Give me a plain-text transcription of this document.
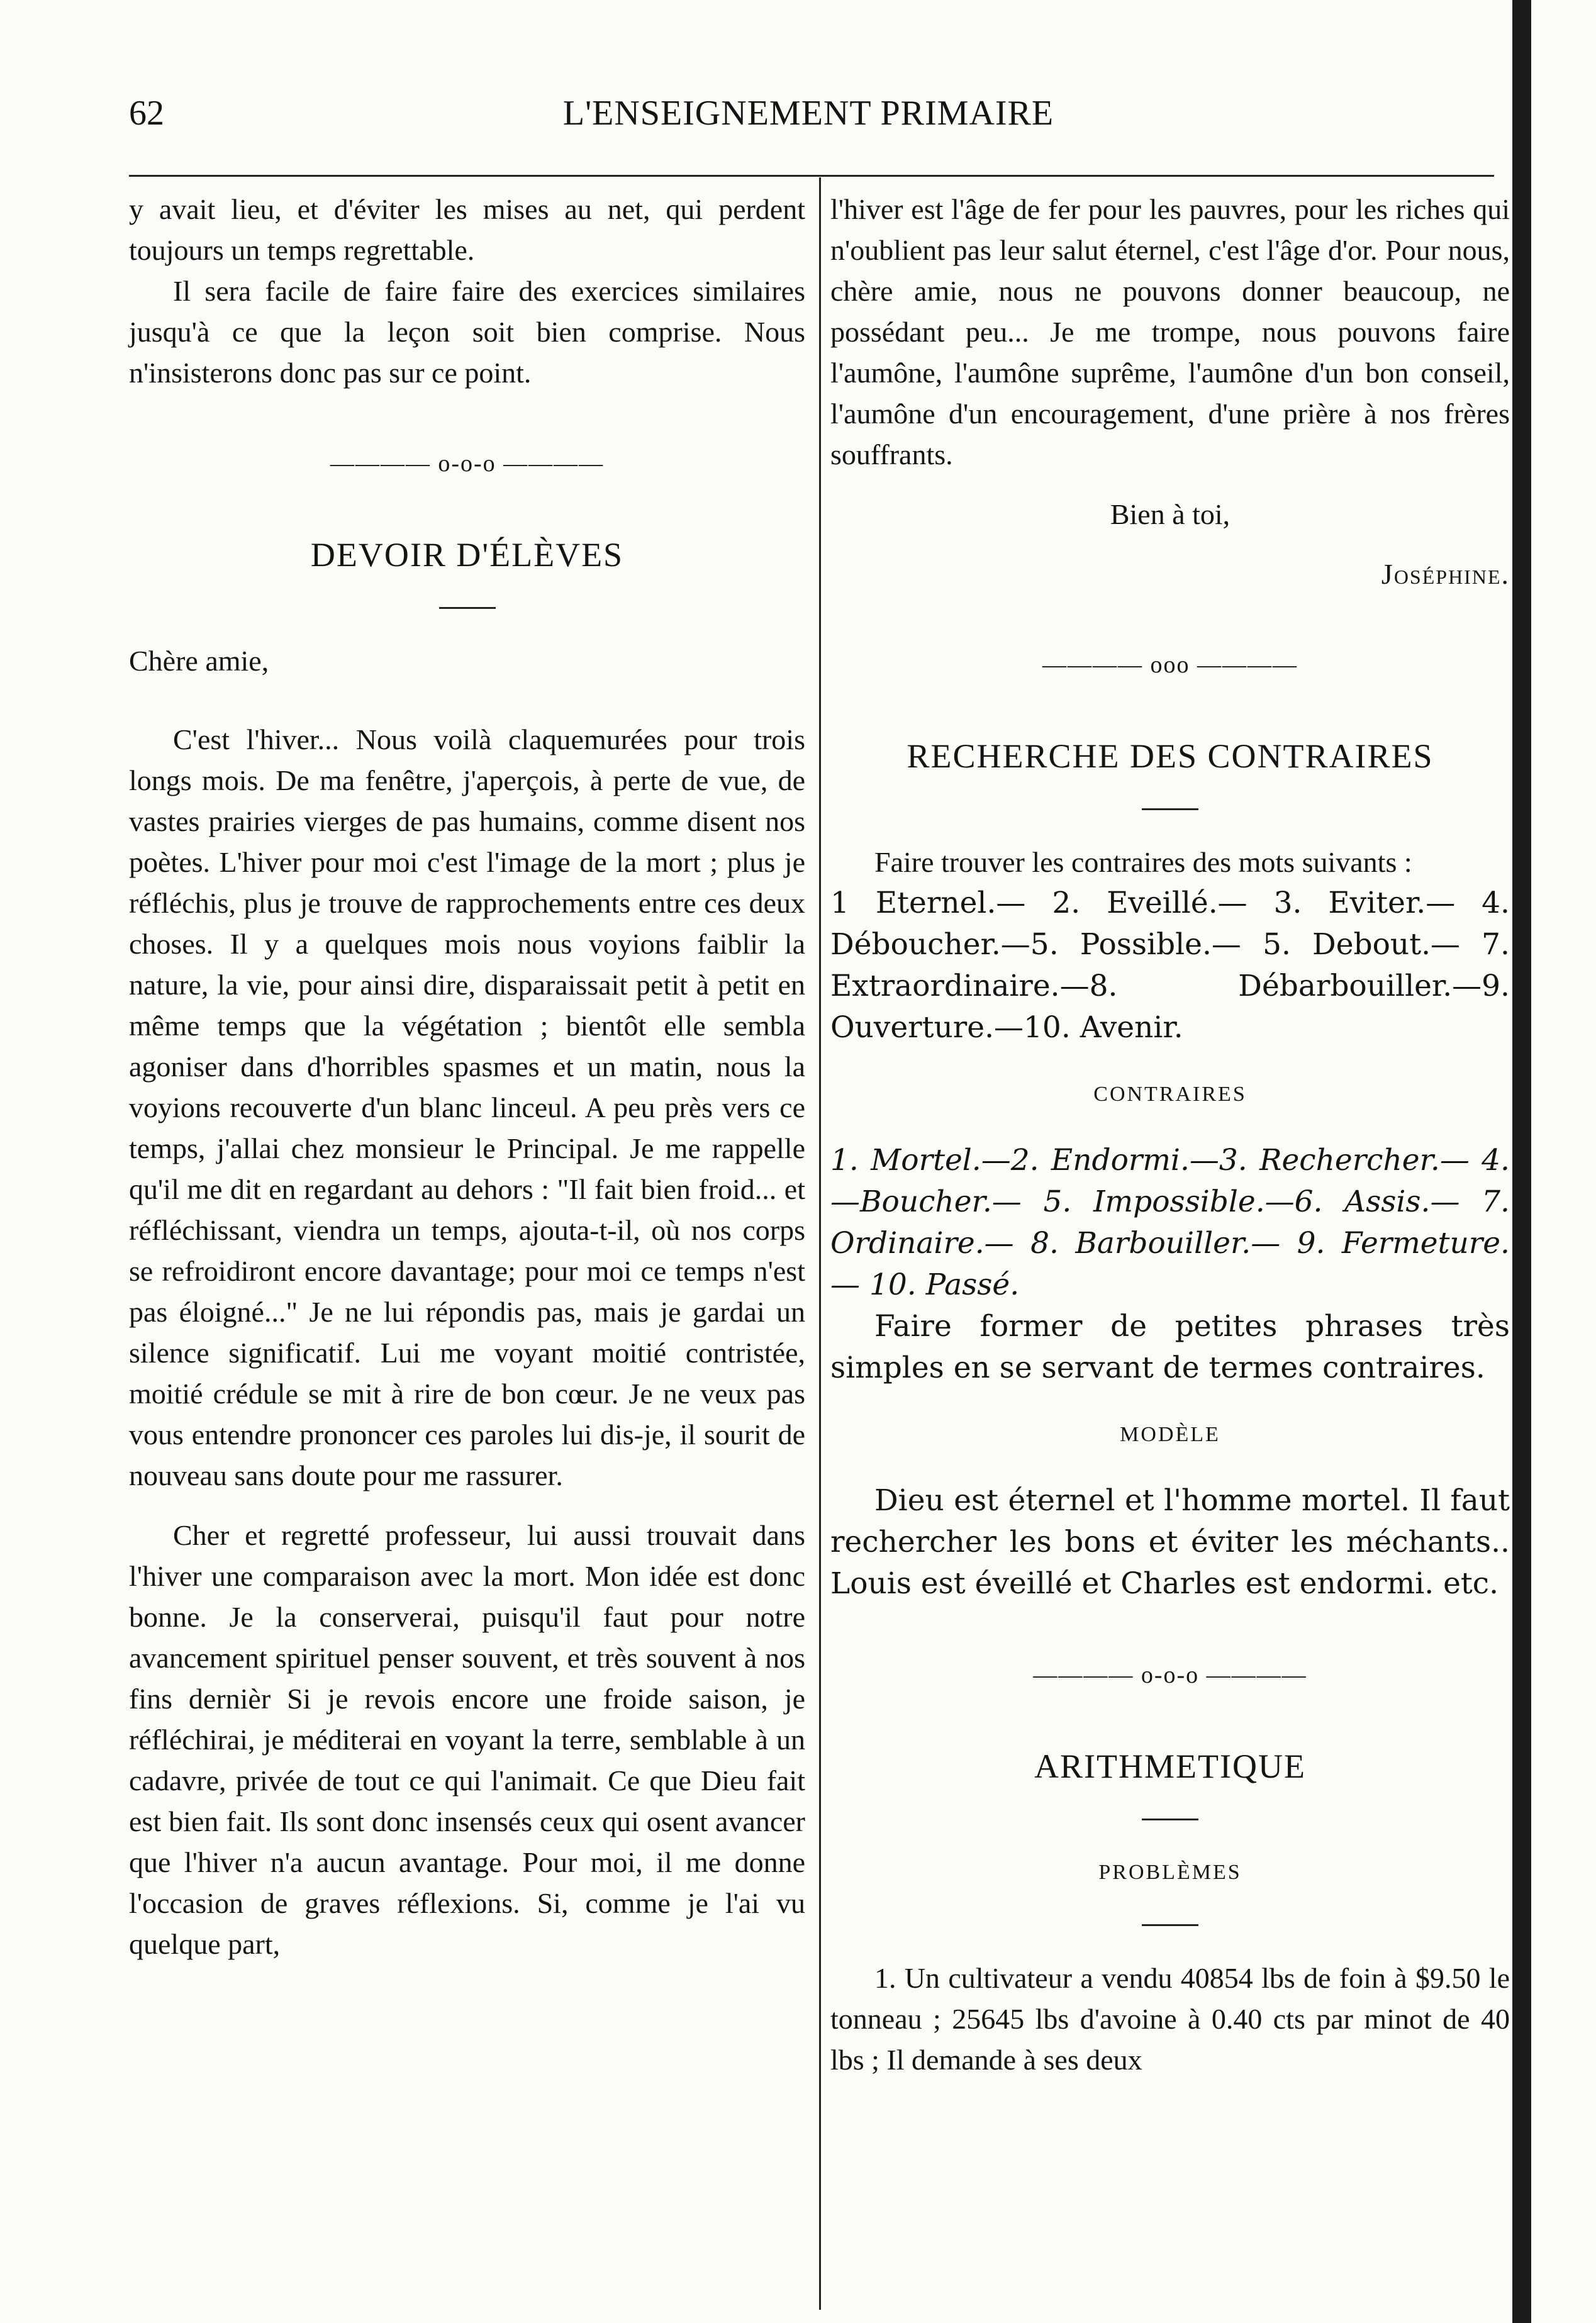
62	L'ENSEIGNEMENT PRIMAIRE

y avait lieu, et d'éviter les mises au net, qui perdent toujours un temps regrettable.

Il sera facile de faire faire des exercices similaires jusqu'à ce que la leçon soit bien comprise. Nous n'insisterons donc pas sur ce point.

———— o-o-o ————
DEVOIR D'ÉLÈVES

Chère amie,

C'est l'hiver... Nous voilà claquemurées pour trois longs mois. De ma fenêtre, j'aperçois, à perte de vue, de vastes prairies vierges de pas humains, comme disent nos poètes. L'hiver pour moi c'est l'image de la mort ; plus je réfléchis, plus je trouve de rapprochements entre ces deux choses. Il y a quelques mois nous voyions faiblir la nature, la vie, pour ainsi dire, disparaissait petit à petit en même temps que la végétation ; bientôt elle sembla agoniser dans d'horribles spasmes et un matin, nous la voyions recouverte d'un blanc linceul. A peu près vers ce temps, j'allai chez monsieur le Principal. Je me rappelle qu'il me dit en regardant au dehors : "Il fait bien froid... et réfléchissant, viendra un temps, ajouta-t-il, où nos corps se refroidiront encore davantage; pour moi ce temps n'est pas éloigné..." Je ne lui répondis pas, mais je gardai un silence significatif. Lui me voyant moitié contristée, moitié crédule se mit à rire de bon cœur. Je ne veux pas vous entendre prononcer ces paroles lui dis-je, il sourit de nouveau sans doute pour me rassurer.

Cher et regretté professeur, lui aussi trouvait dans l'hiver une comparaison avec la mort. Mon idée est donc bonne. Je la conserverai, puisqu'il faut pour notre avancement spirituel penser souvent, et très souvent à nos fins dernièr Si je revois encore une froide saison, je réfléchirai, je méditerai en voyant la terre, semblable à un cadavre, privée de tout ce qui l'animait. Ce que Dieu fait est bien fait. Ils sont donc insensés ceux qui osent avancer que l'hiver n'a aucun avantage. Pour moi, il me donne l'occasion de graves réflexions. Si, comme je l'ai vu quelque part,

l'hiver est l'âge de fer pour les pauvres, pour les riches qui n'oublient pas leur salut éternel, c'est l'âge d'or. Pour nous, chère amie, nous ne pouvons donner beaucoup, ne possédant peu... Je me trompe, nous pouvons faire l'aumône, l'aumône suprême, l'aumône d'un bon conseil, l'aumône d'un encouragement, d'une prière à nos frères souffrants.

Bien à toi,

Joséphine.

———— ooo ————
RECHERCHE DES CONTRAIRES

Faire trouver les contraires des mots suivants :

1 Eternel.— 2. Eveillé.— 3. Eviter.— 4. Déboucher.—5. Possible.— 5. Debout.— 7. Extraordinaire.—8. Débarbouiller.—9. Ouverture.—10. Avenir.

CONTRAIRES

1. Mortel.—2. Endormi.—3. Rechercher.— 4.—Boucher.— 5. Impossible.—6. Assis.— 7. Ordinaire.— 8. Barbouiller.— 9. Fermeture.— 10. Passé.

Faire former de petites phrases très simples en se servant de termes contraires.

MODÈLE

Dieu est éternel et l'homme mortel. Il faut rechercher les bons et éviter les méchants.. Louis est éveillé et Charles est endormi. etc.

———— o-o-o ————
ARITHMETIQUE
PROBLÈMES

1. Un cultivateur a vendu 40854 lbs de foin à $9.50 le tonneau ; 25645 lbs d'avoine à 0.40 cts par minot de 40 lbs ; Il demande à ses deux
